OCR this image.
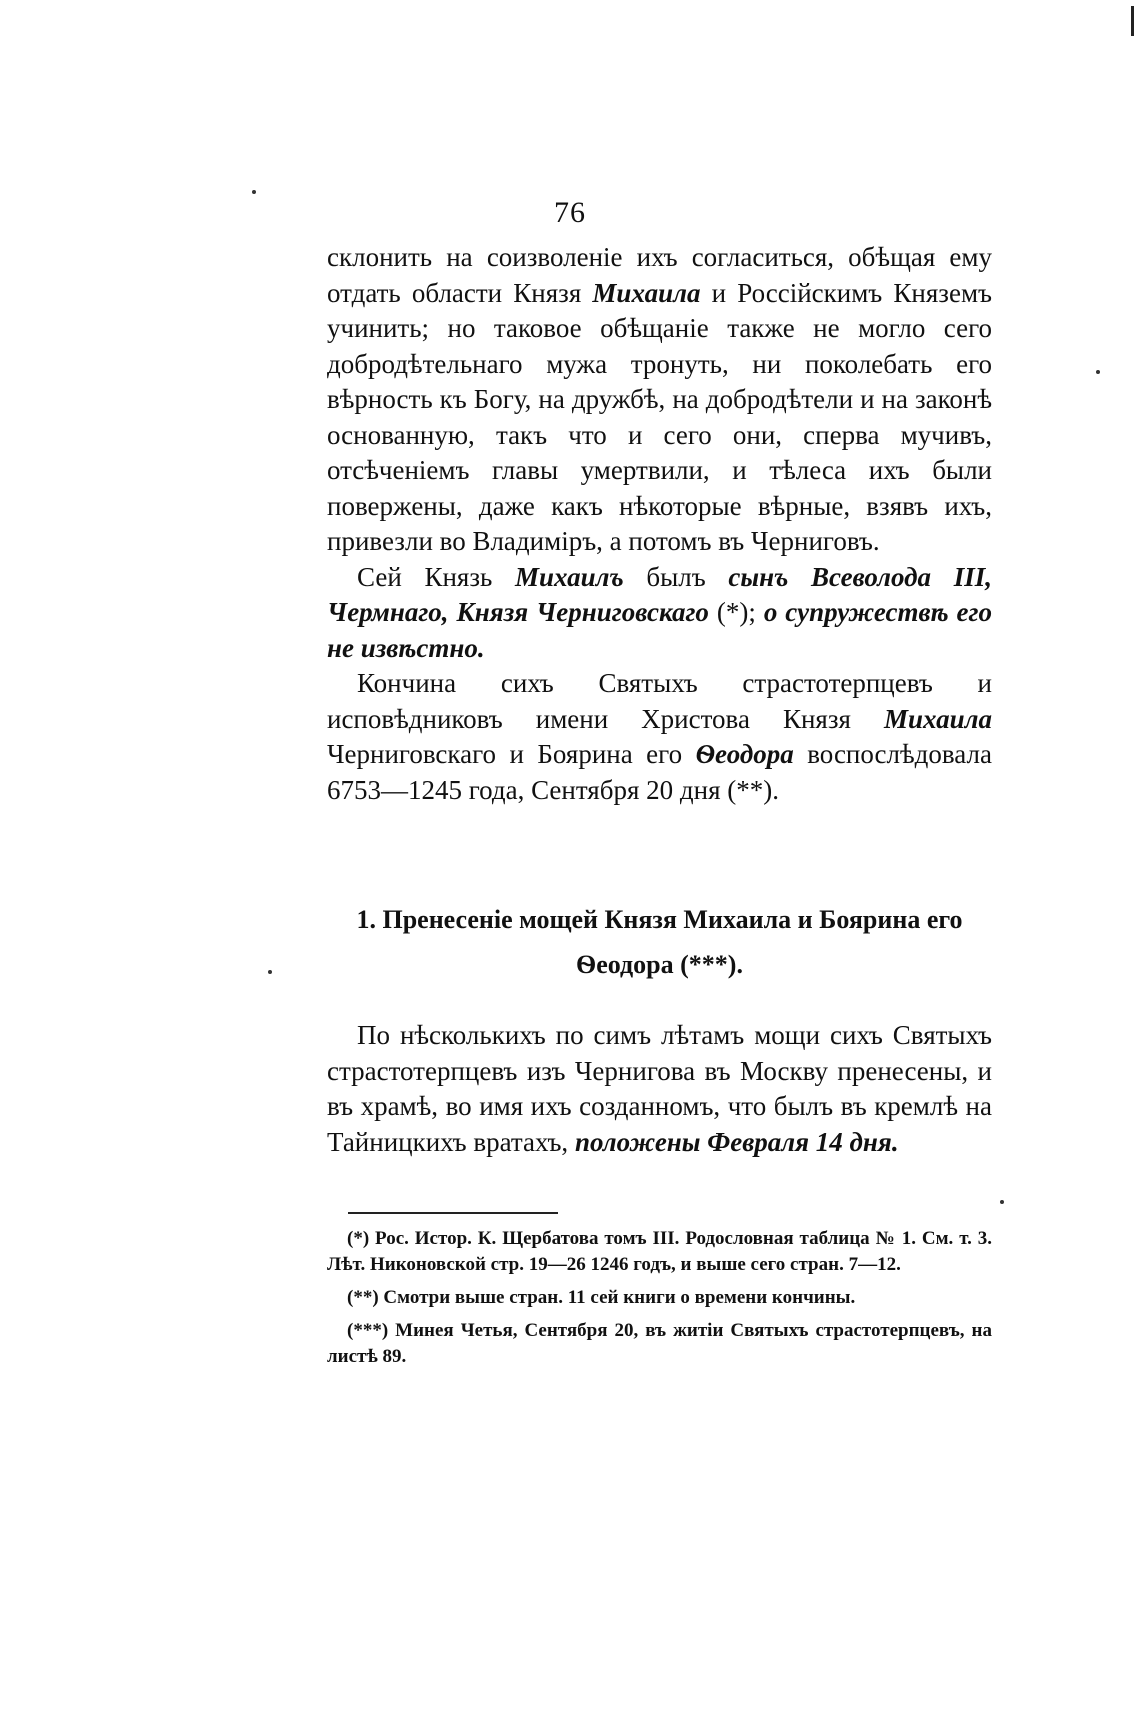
76

склонить на соизволеніе ихъ согласиться, обѣщая ему отдать области Князя Михаила и Россійскимъ Княземъ учинить; но таковое обѣщаніе также не могло сего добродѣтельнаго мужа тронуть, ни поколебать его вѣрность къ Богу, на дружбѣ, на добродѣтели и на законѣ основанную, такъ что и сего они, сперва мучивъ, отсѣченіемъ главы умертвили, и тѣлеса ихъ были повержены, даже какъ нѣкоторые вѣрные, взявъ ихъ, привезли во Владиміръ, а потомъ въ Черниговъ.

Сей Князь Михаилъ былъ сынъ Всеволода III, Чермнаго, Князя Черниговскаго (*); о супружествѣ его не извѣстно.

Кончина сихъ Святыхъ страстотерпцевъ и исповѣдниковъ имени Христова Князя Михаила Черниговскаго и Боярина его Ѳеодора воспослѣдовала 6753—1245 года, Сентября 20 дня (**).

1. Пренесеніе мощей Князя Михаила и Боярина его
Ѳеодора (***).

По нѣсколькихъ по симъ лѣтамъ мощи сихъ Святыхъ страстотерпцевъ изъ Чернигова въ Москву пренесены, и въ храмѣ, во имя ихъ созданномъ, что былъ въ кремлѣ на Тайницкихъ вратахъ, положены Февраля 14 дня.

(*) Рос. Истор. К. Щербатова томъ III. Родословная таблица № 1. См. т. 3. Лѣт. Никоновской стр. 19—26 1246 годъ, и выше сего стран. 7—12.

(**) Смотри выше стран. 11 сей книги о времени кончины.

(***) Минея Четья, Сентября 20, въ житіи Святыхъ страстотерпцевъ, на листѣ 89.
